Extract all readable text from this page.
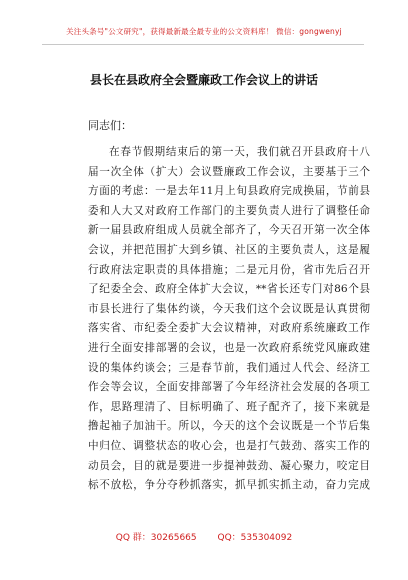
关注头条号"公文研究"，获得最新最全最专业的公文资料库！ 微信：gongwenyj
县长在县政府全会暨廉政工作会议上的讲话
同志们：
在春节假期结束后的第一天，我们就召开县政府十八
届一次全体（扩大）会议暨廉政工作会议，主要基于三个
方面的考虑：一是去年11月上旬县政府完成换届，节前县
委和人大又对政府工作部门的主要负责人进行了调整任命
新一届县政府组成人员就全部齐了，今天召开第一次全体
会议，并把范围扩大到乡镇、社区的主要负责人，这是履
行政府法定职责的具体措施；二是元月份，省市先后召开
了纪委全会、政府全体扩大会议，**省长还专门对86个县
市县长进行了集体约谈，今天我们这个会议既是认真贯彻
落实省、市纪委全委扩大会议精神，对政府系统廉政工作
进行全面安排部署的会议，也是一次政府系统党风廉政建
设的集体约谈会；三是春节前，我们通过人代会、经济工
作会等会议，全面安排部署了今年经济社会发展的各项工
作，思路理清了、目标明确了、班子配齐了，接下来就是
撸起袖子加油干。所以，今天的这个会议既是一个节后集
中归位、调整状态的收心会，也是打气鼓劲、落实工作的
动员会，目的就是要进一步提神鼓劲、凝心聚力，咬定目
标不放松，争分夺秒抓落实，抓早抓实抓主动，奋力完成
QQ 群：30265665 QQ：535304092
